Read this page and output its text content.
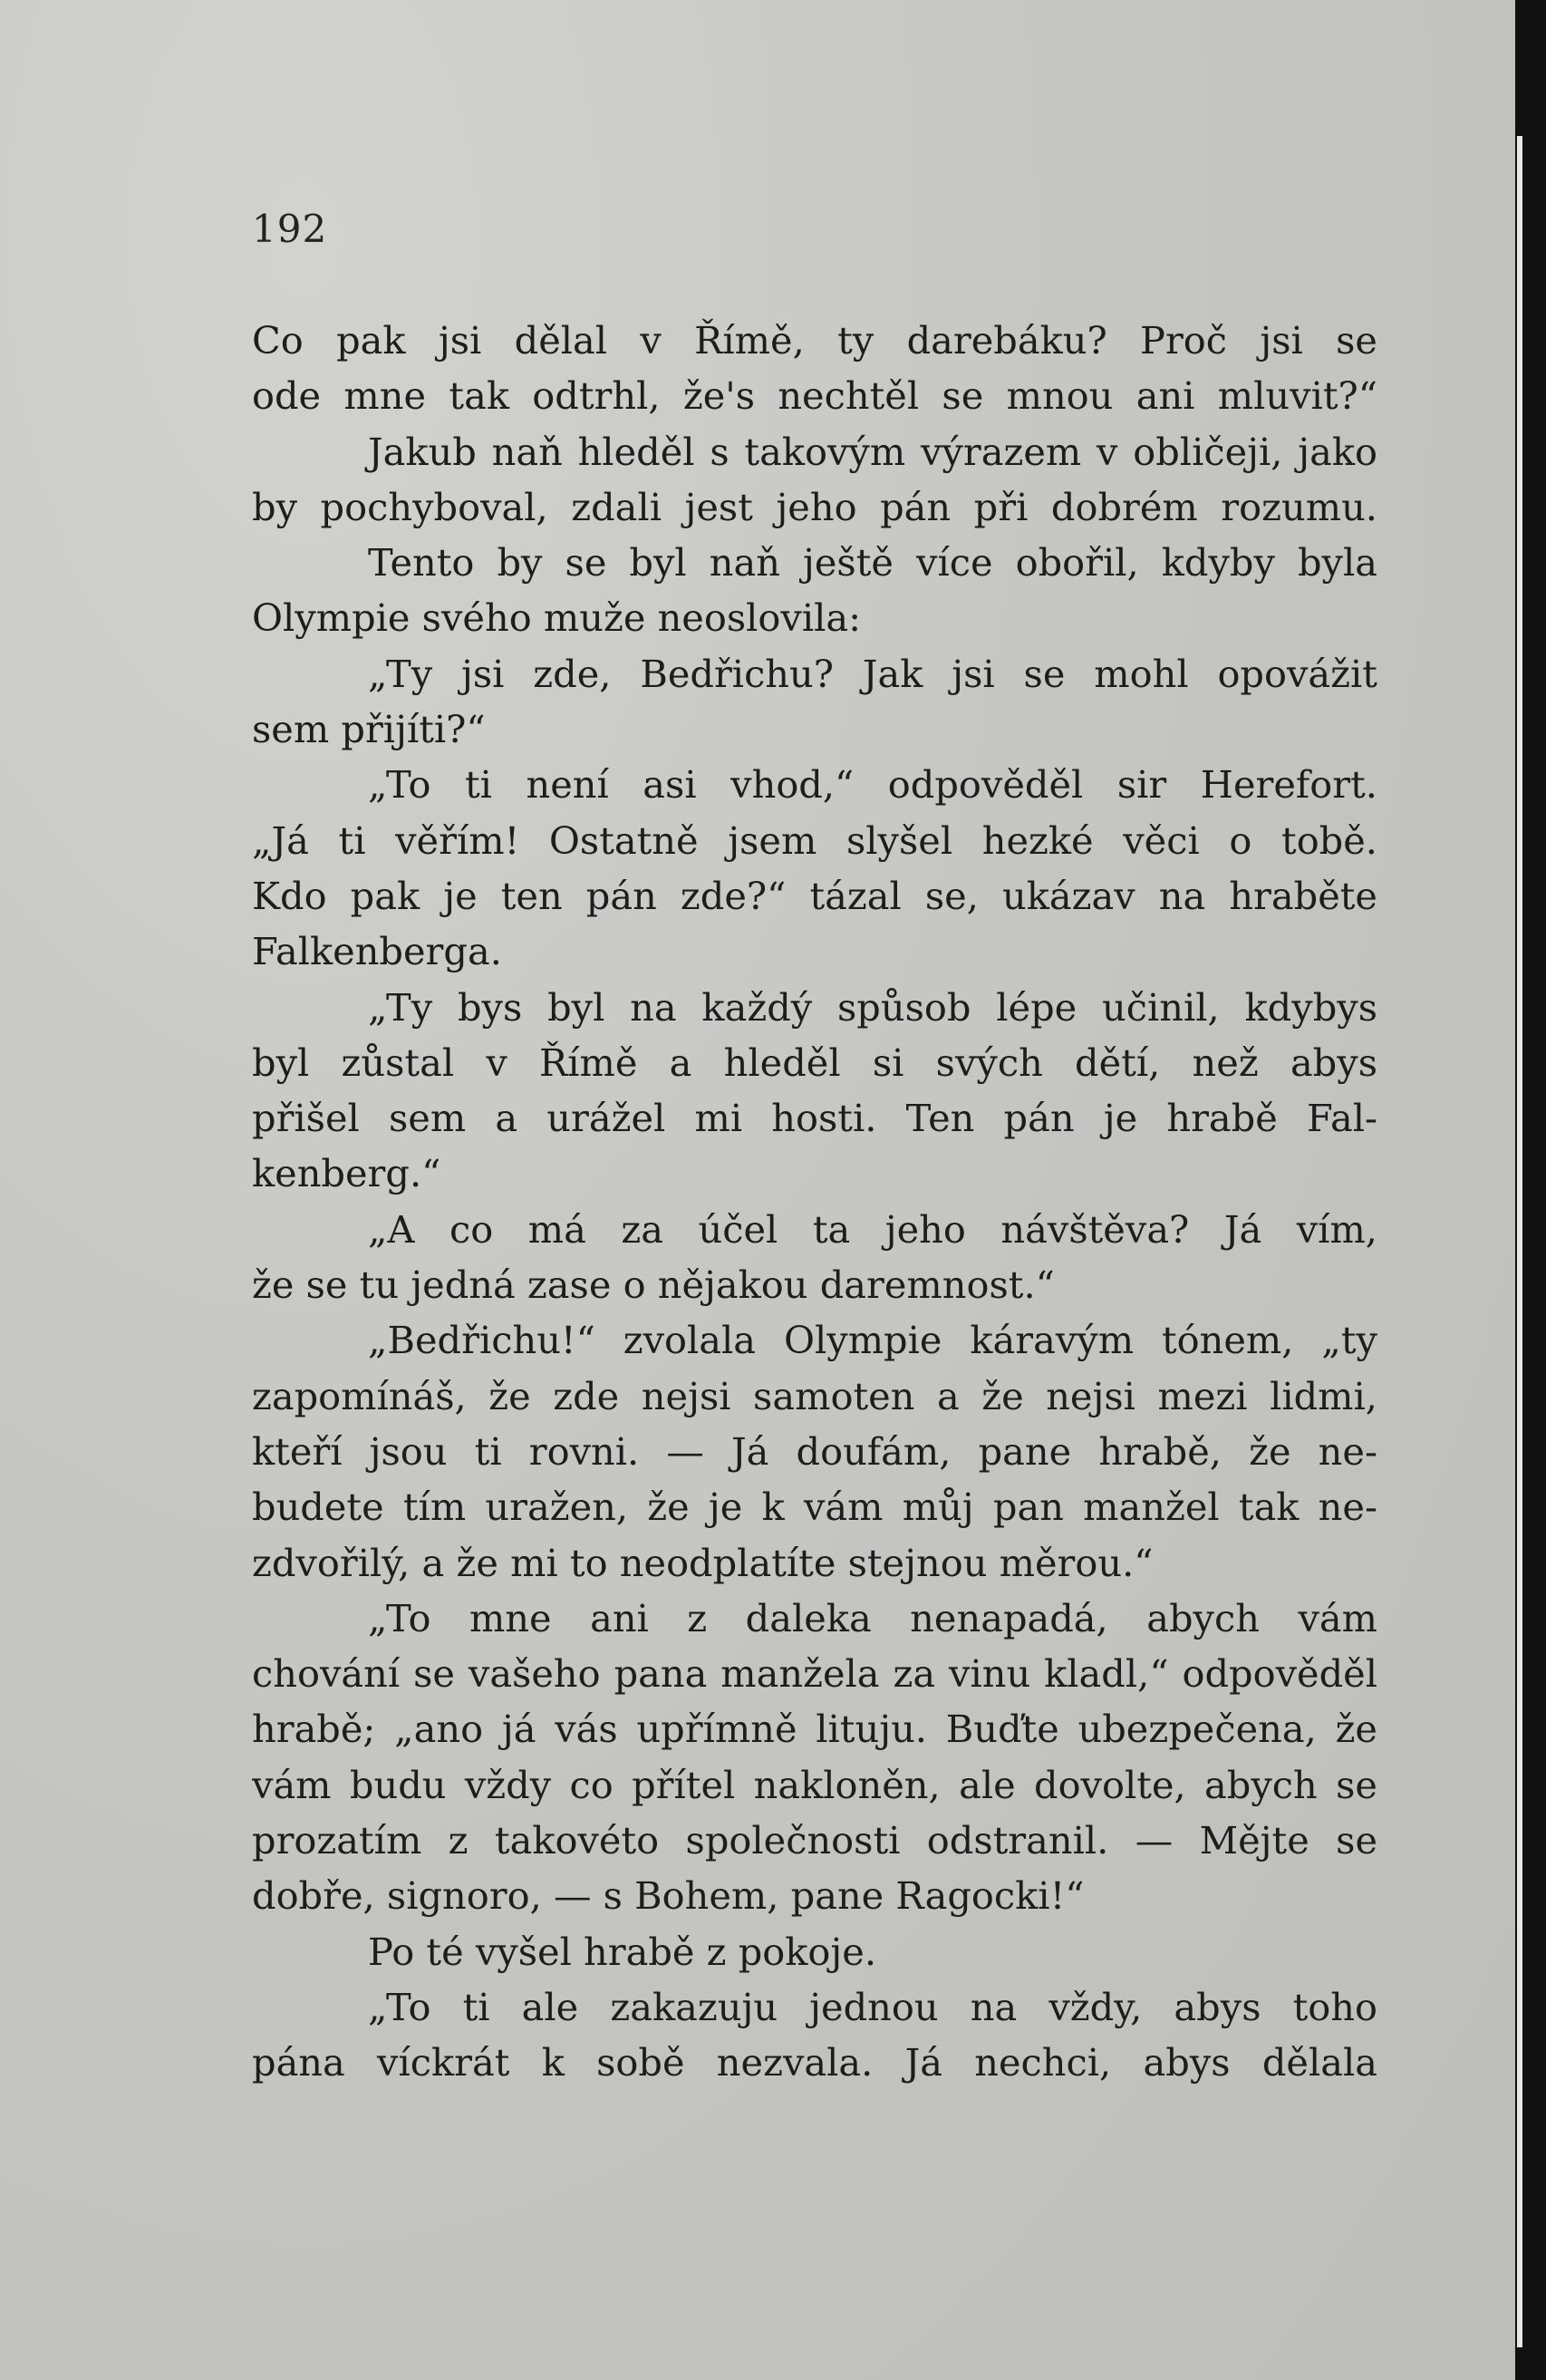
192
Co pak jsi dělal v Římě, ty darebáku? Proč jsi se
ode mne tak odtrhl, že's nechtěl se mnou ani mluvit?“
Jakub naň hleděl s takovým výrazem v obličeji, jako
by pochyboval, zdali jest jeho pán při dobrém rozumu.
Tento by se byl naň ještě více obořil, kdyby byla
Olympie svého muže neoslovila:
„Ty jsi zde, Bedřichu? Jak jsi se mohl opovážit
sem přijíti?“
„To ti není asi vhod,“ odpověděl sir Herefort.
„Já ti věřím! Ostatně jsem slyšel hezké věci o tobě.
Kdo pak je ten pán zde?“ tázal se, ukázav na hraběte
Falkenberga.
„Ty bys byl na každý spůsob lépe učinil, kdybys
byl zůstal v Římě a hleděl si svých dětí, než abys
přišel sem a urážel mi hosti. Ten pán je hrabě Fal-
kenberg.“
„A co má za účel ta jeho návštěva? Já vím,
že se tu jedná zase o nějakou daremnost.“
„Bedřichu!“ zvolala Olympie káravým tónem, „ty
zapomínáš, že zde nejsi samoten a že nejsi mezi lidmi,
kteří jsou ti rovni. — Já doufám, pane hrabě, že ne-
budete tím uražen, že je k vám můj pan manžel tak ne-
zdvořilý, a že mi to neodplatíte stejnou měrou.“
„To mne ani z daleka nenapadá, abych vám
chování se vašeho pana manžela za vinu kladl,“ odpověděl
hrabě; „ano já vás upřímně lituju. Buďte ubezpečena, že
vám budu vždy co přítel nakloněn, ale dovolte, abych se
prozatím z takovéto společnosti odstranil. — Mějte se
dobře, signoro, — s Bohem, pane Ragocki!“
Po té vyšel hrabě z pokoje.
„To ti ale zakazuju jednou na vždy, abys toho
pána víckrát k sobě nezvala. Já nechci, abys dělala
